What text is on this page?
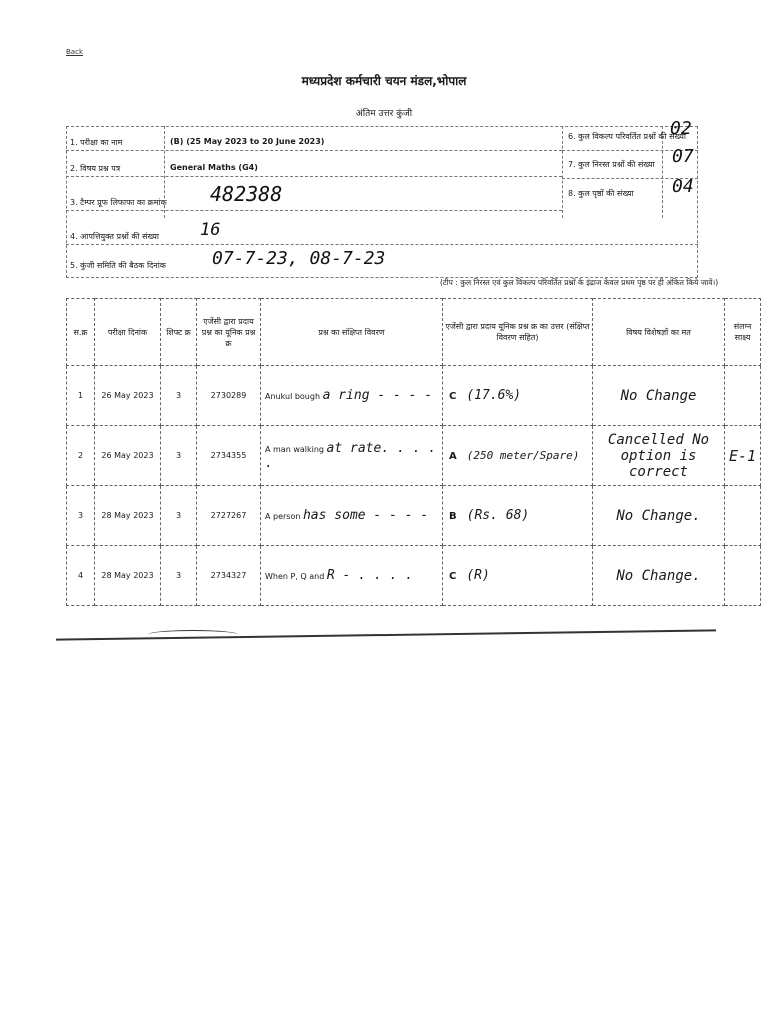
Back
मध्यप्रदेश कर्मचारी चयन मंडल,भोपाल
अंतिम उत्तर कुंजी
1. परीक्षा का नाम	(B) (25 May 2023 to 20 June 2023)
2. विषय प्रश्न पत्र	General Maths (G4)
3. टैम्पर प्रूफ लिफाफा का क्रमांक 482388
4. आपत्तियुक्त प्रश्नों की संख्या 16
5. कुंजी समिति की बैठक दिनांक	07-7-23, 08-7-23
6. कुल विकल्प परिवर्तित प्रश्नों की संख्या
02
7. कुल निरस्त प्रश्नों की संख्या 07
8. कुल पृष्ठों की संख्या 04
(टीप : कुल निरस्त एवं कुल विकल्प परिवर्तित प्रश्नों के इंद्राज केवल प्रथम पृष्ठ पर ही अंकित किये जावें।)
स.क्र	परीक्षा दिनांक	शिफ्ट क्र	एजेंसी द्वारा प्रदाय प्रश्न का यूनिक प्रश्न क्र	प्रश्न का संक्षिप्त विवरण	एजेंसी द्वारा प्रदाय यूनिक प्रश्न क्र का उत्तर (संक्षिप्त विवरण सहित)	विषय विशेषज्ञों का मत	संलग्न साक्ष्य
1	26 May 2023	3	2730289	Anukul bough a ring - - - -	C (17.6%)	No Change	
2	26 May 2023	3	2734355	A man walking at rate. . . . .	A (250 meter/Spare)	Cancelled No option is correct	E-1
3	28 May 2023	3	2727267	A person has some - - - -	B (Rs. 68)	No Change.	
4	28 May 2023	3	2734327	When P, Q and R - . . . .	C (R)	No Change.	
